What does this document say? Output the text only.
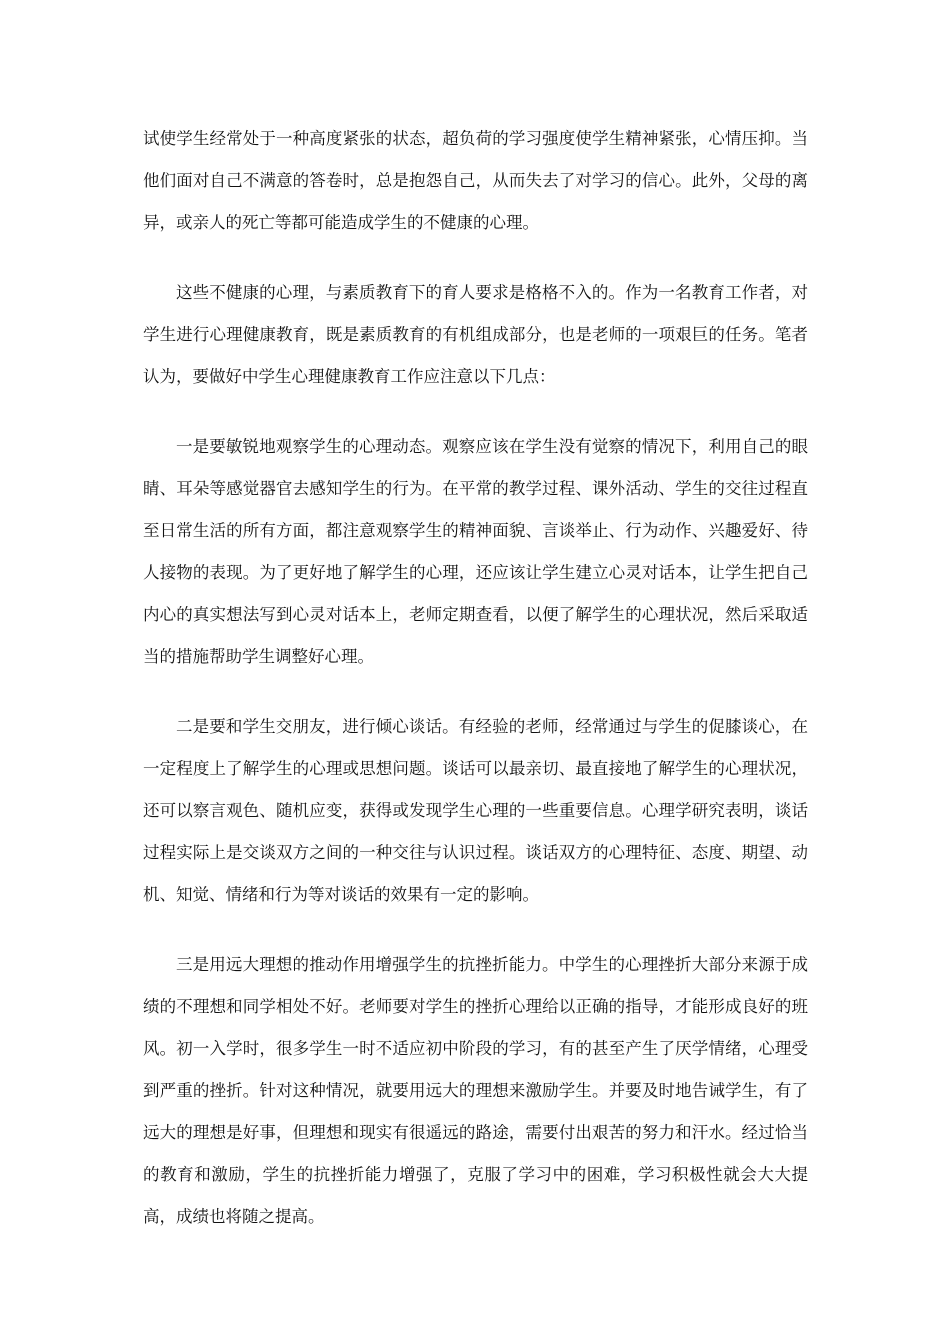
试使学生经常处于一种高度紧张的状态，超负荷的学习强度使学生精神紧张，心情压抑。当他们面对自己不满意的答卷时，总是抱怨自己，从而失去了对学习的信心。此外，父母的离异，或亲人的死亡等都可能造成学生的不健康的心理。

这些不健康的心理，与素质教育下的育人要求是格格不入的。作为一名教育工作者，对学生进行心理健康教育，既是素质教育的有机组成部分，也是老师的一项艰巨的任务。笔者认为，要做好中学生心理健康教育工作应注意以下几点：

一是要敏锐地观察学生的心理动态。观察应该在学生没有觉察的情况下，利用自己的眼睛、耳朵等感觉器官去感知学生的行为。在平常的教学过程、课外活动、学生的交往过程直至日常生活的所有方面，都注意观察学生的精神面貌、言谈举止、行为动作、兴趣爱好、待人接物的表现。为了更好地了解学生的心理，还应该让学生建立心灵对话本，让学生把自己内心的真实想法写到心灵对话本上，老师定期查看，以便了解学生的心理状况，然后采取适当的措施帮助学生调整好心理。

二是要和学生交朋友，进行倾心谈话。有经验的老师，经常通过与学生的促膝谈心，在一定程度上了解学生的心理或思想问题。谈话可以最亲切、最直接地了解学生的心理状况，还可以察言观色、随机应变，获得或发现学生心理的一些重要信息。心理学研究表明，谈话过程实际上是交谈双方之间的一种交往与认识过程。谈话双方的心理特征、态度、期望、动机、知觉、情绪和行为等对谈话的效果有一定的影响。

三是用远大理想的推动作用增强学生的抗挫折能力。中学生的心理挫折大部分来源于成绩的不理想和同学相处不好。老师要对学生的挫折心理给以正确的指导，才能形成良好的班风。初一入学时，很多学生一时不适应初中阶段的学习，有的甚至产生了厌学情绪，心理受到严重的挫折。针对这种情况，就要用远大的理想来激励学生。并要及时地告诫学生，有了远大的理想是好事，但理想和现实有很遥远的路途，需要付出艰苦的努力和汗水。经过恰当的教育和激励，学生的抗挫折能力增强了，克服了学习中的困难，学习积极性就会大大提高，成绩也将随之提高。
